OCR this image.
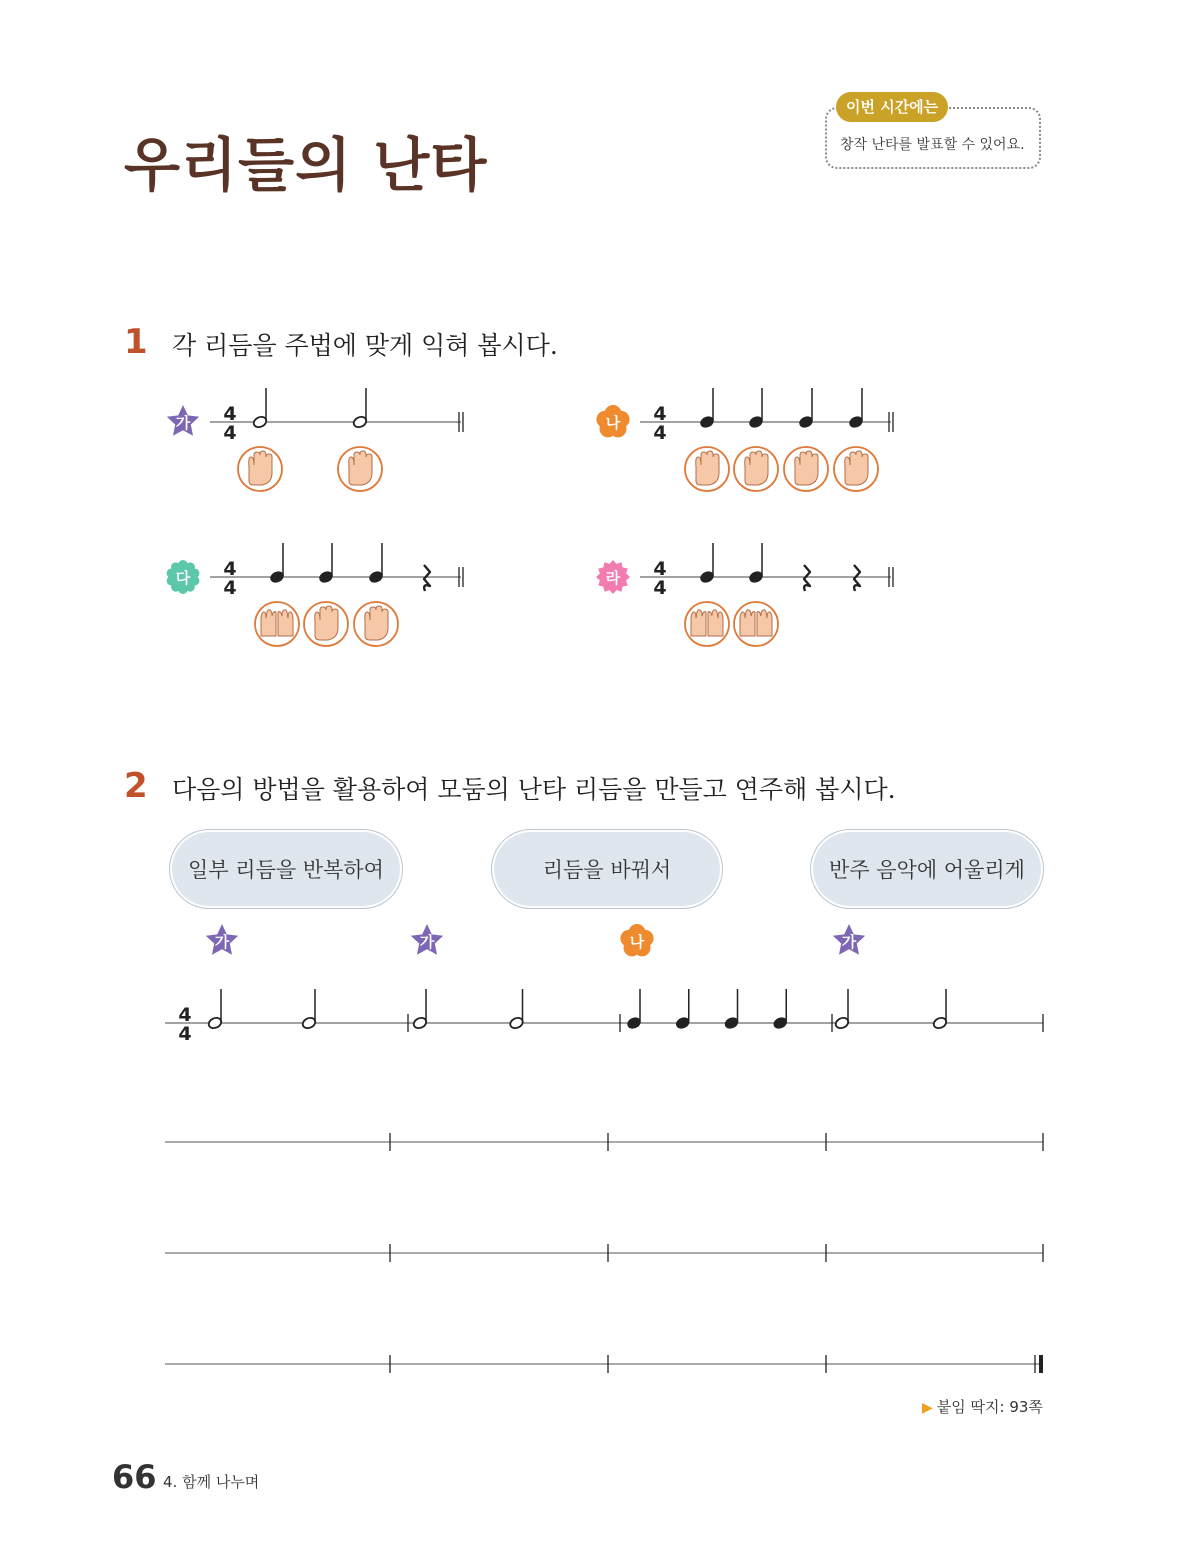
우리들의 난타
이번 시간에는
창작 난타를 발표할 수 있어요.
1 각 리듬을 주법에 맞게 익혀 봅시다.
가 4
4	나 4
4
다 4
4	라 4
4
2 다음의 방법을 활용하여 모둠의 난타 리듬을 만들고 연주해 봅시다.
일부 리듬을 반복하여	리듬을 바꿔서	반주 음악에 어울리게
가	가	나	가
4
4
▶ 붙임 딱지: 93쪽
66 4. 함께 나누며
